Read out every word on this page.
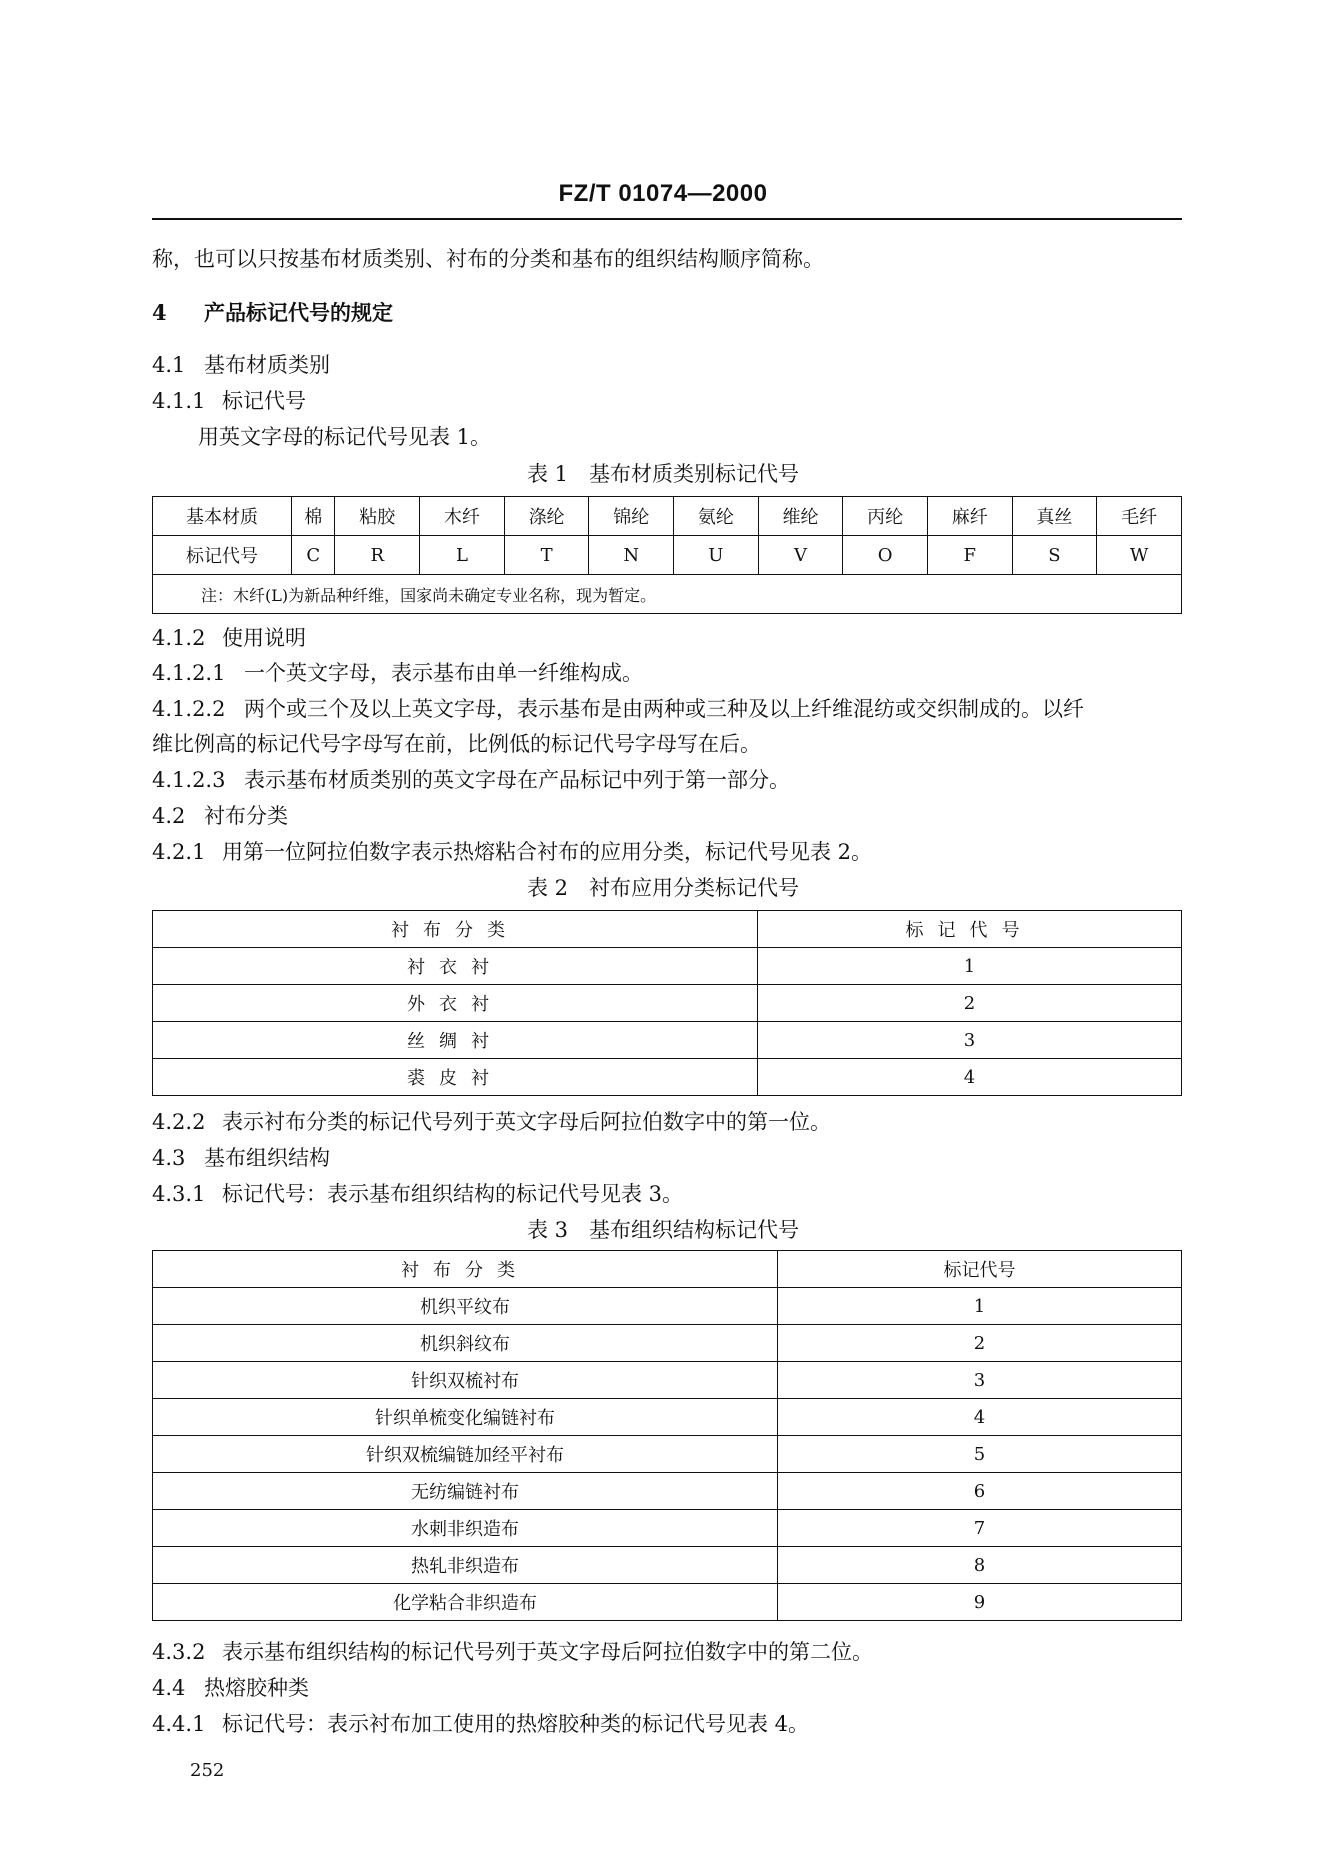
FZ/T 01074—2000
称，也可以只按基布材质类别、衬布的分类和基布的组织结构顺序简称。
4 产品标记代号的规定
4.1 基布材质类别
4.1.1 标记代号
用英文字母的标记代号见表 1。
表 1　基布材质类别标记代号
基本材质	棉	粘胶	木纤	涤纶	锦纶	氨纶	维纶	丙纶	麻纤	真丝	毛纤
标记代号	C	R	L	T	N	U	V	O	F	S	W
注：木纤(L)为新品种纤维，国家尚未确定专业名称，现为暂定。											
4.1.2 使用说明
4.1.2.1 一个英文字母，表示基布由单一纤维构成。
4.1.2.2 两个或三个及以上英文字母，表示基布是由两种或三种及以上纤维混纺或交织制成的。以纤
维比例高的标记代号字母写在前，比例低的标记代号字母写在后。
4.1.2.3 表示基布材质类别的英文字母在产品标记中列于第一部分。
4.2 衬布分类
4.2.1 用第一位阿拉伯数字表示热熔粘合衬布的应用分类，标记代号见表 2。
表 2　衬布应用分类标记代号
衬布分类	标记代号
衬衣衬	1
外衣衬	2
丝绸衬	3
裘皮衬	4
4.2.2 表示衬布分类的标记代号列于英文字母后阿拉伯数字中的第一位。
4.3 基布组织结构
4.3.1 标记代号：表示基布组织结构的标记代号见表 3。
表 3　基布组织结构标记代号
衬布分类	标记代号
机织平纹布	1
机织斜纹布	2
针织双梳衬布	3
针织单梳变化编链衬布	4
针织双梳编链加经平衬布	5
无纺编链衬布	6
水刺非织造布	7
热轧非织造布	8
化学粘合非织造布	9
4.3.2 表示基布组织结构的标记代号列于英文字母后阿拉伯数字中的第二位。
4.4 热熔胶种类
4.4.1 标记代号：表示衬布加工使用的热熔胶种类的标记代号见表 4。
252
